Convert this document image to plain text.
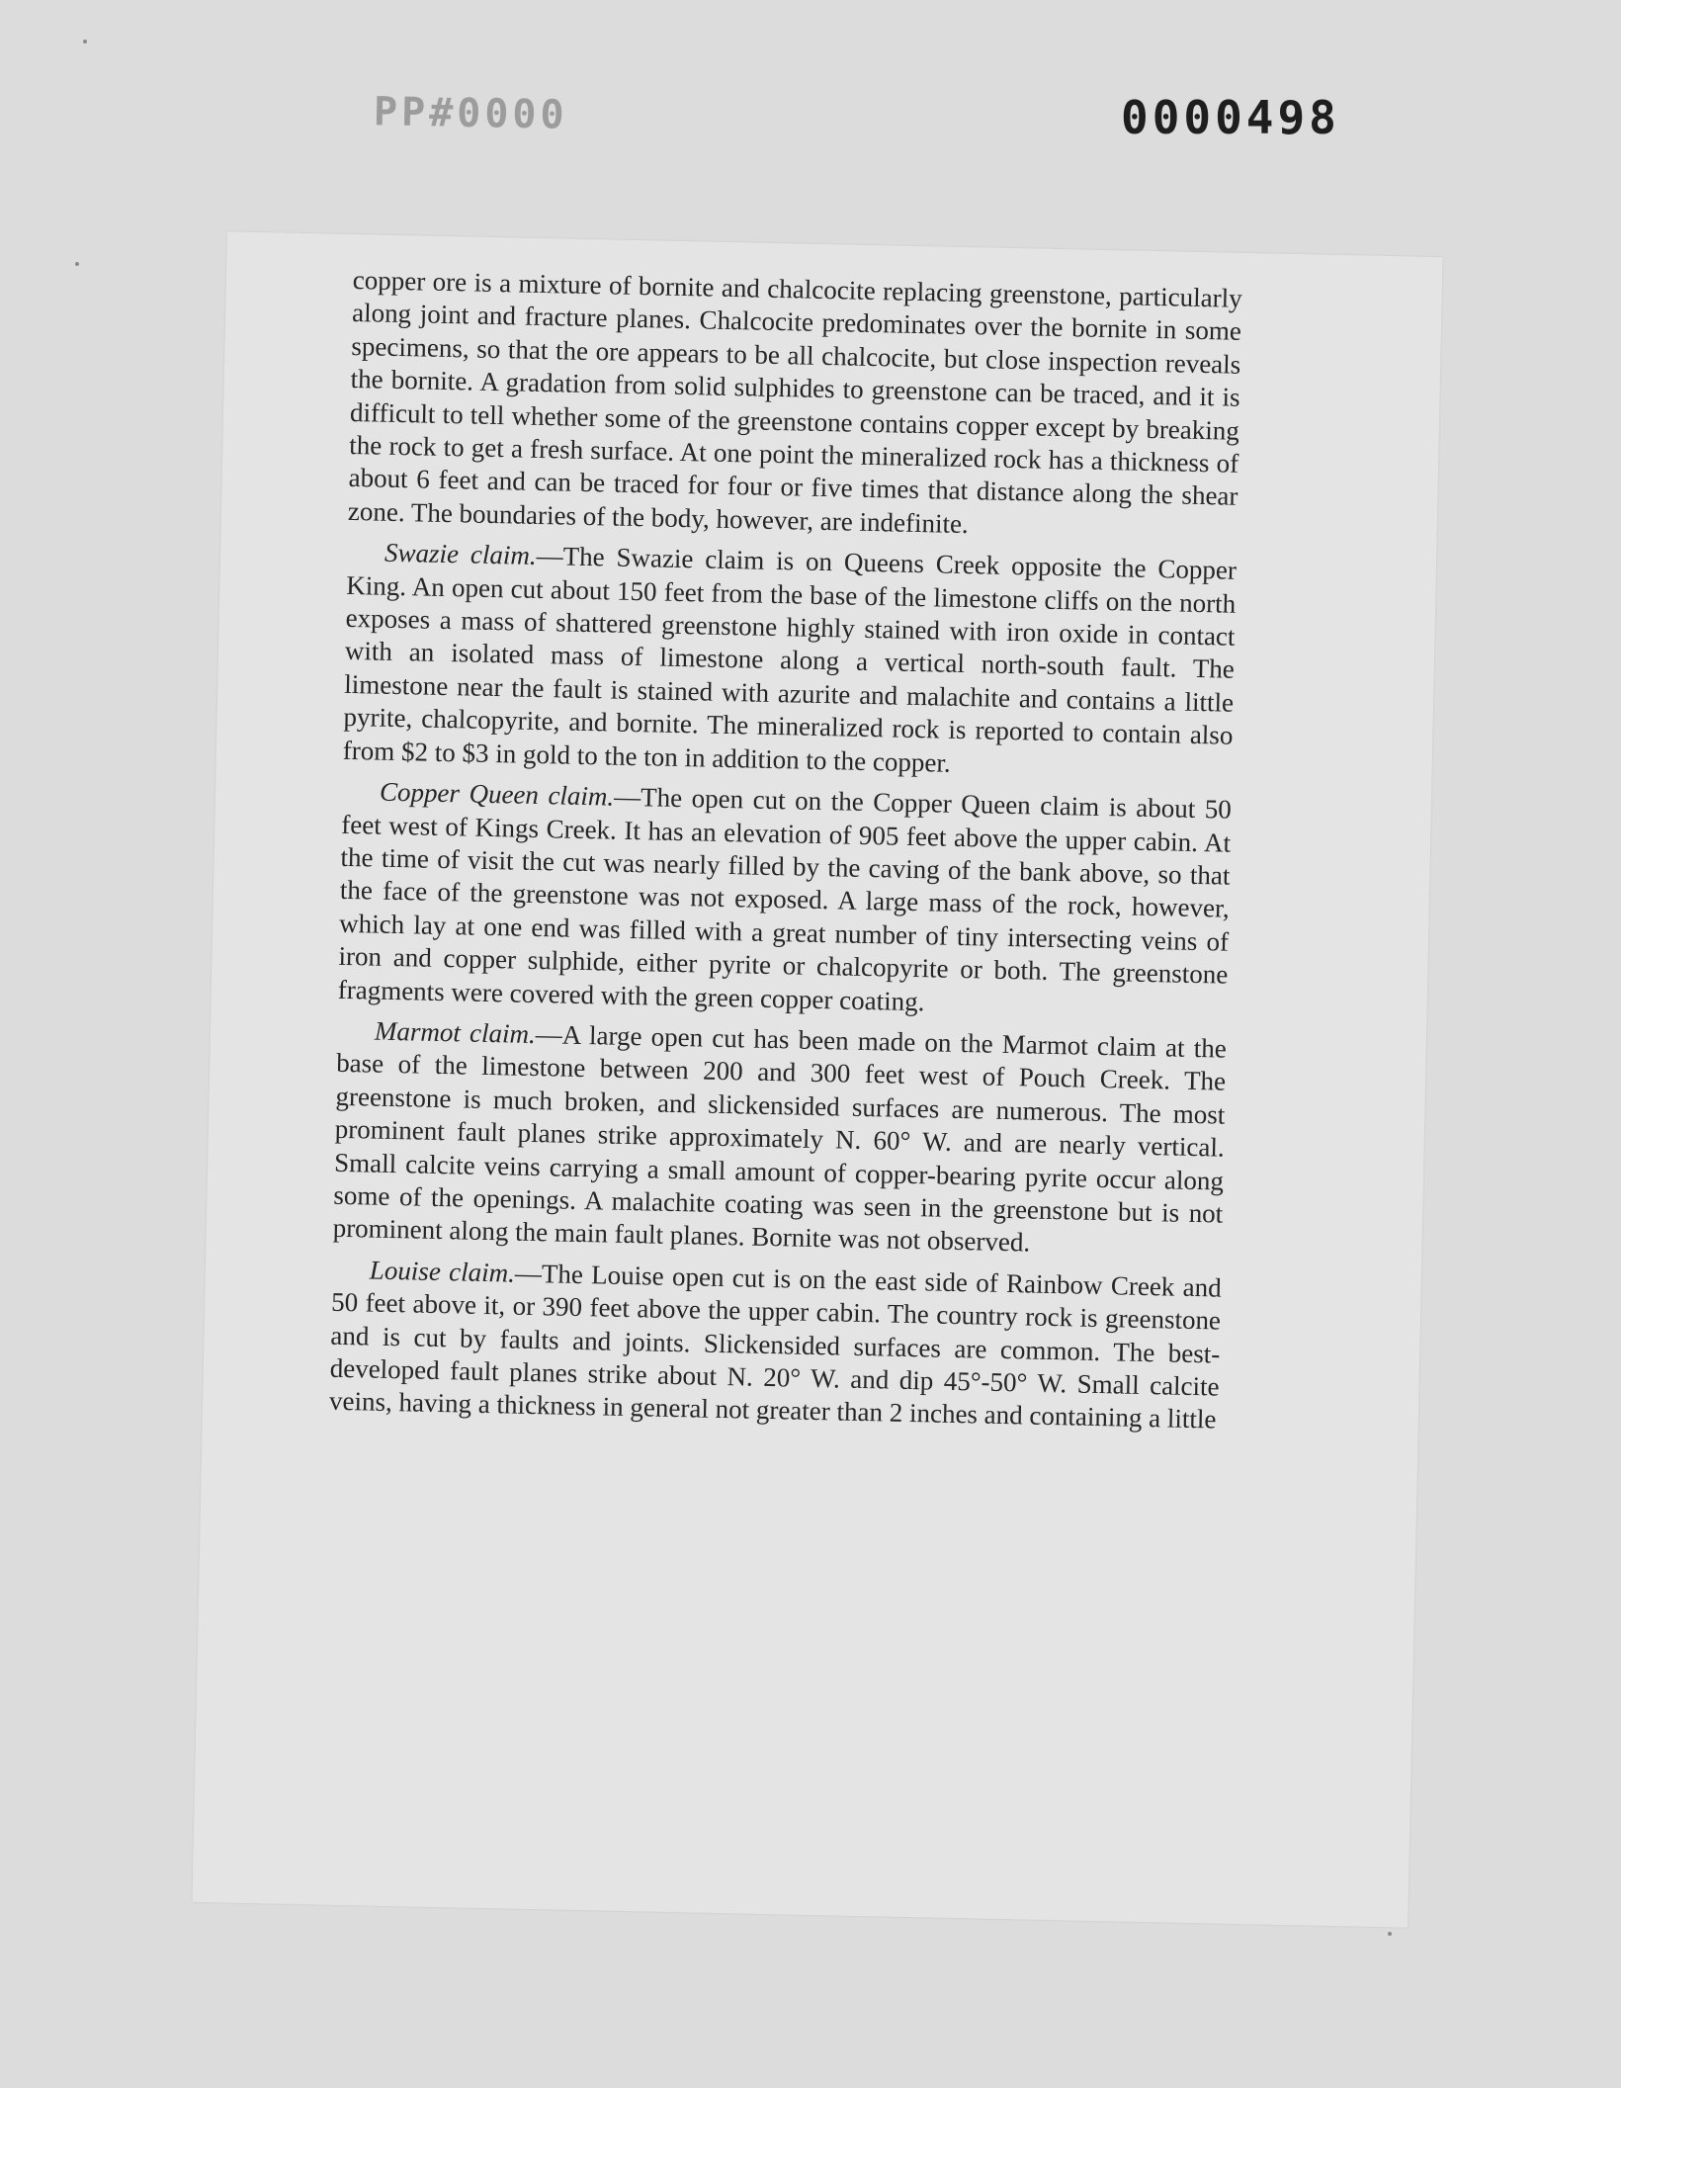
PP#0000	0000498

copper ore is a mixture of bornite and chalcocite replacing greenstone, particularly along joint and fracture planes. Chalcocite predominates over the bornite in some specimens, so that the ore appears to be all chalcocite, but close inspection reveals the bornite. A gradation from solid sulphides to greenstone can be traced, and it is difficult to tell whether some of the greenstone contains copper except by breaking the rock to get a fresh surface. At one point the mineralized rock has a thickness of about 6 feet and can be traced for four or five times that distance along the shear zone. The boundaries of the body, however, are indefinite.

Swazie claim.—The Swazie claim is on Queens Creek opposite the Copper King. An open cut about 150 feet from the base of the limestone cliffs on the north exposes a mass of shattered greenstone highly stained with iron oxide in contact with an isolated mass of limestone along a vertical north-south fault. The limestone near the fault is stained with azurite and malachite and contains a little pyrite, chalcopyrite, and bornite. The mineralized rock is reported to contain also from $2 to $3 in gold to the ton in addition to the copper.

Copper Queen claim.—The open cut on the Copper Queen claim is about 50 feet west of Kings Creek. It has an elevation of 905 feet above the upper cabin. At the time of visit the cut was nearly filled by the caving of the bank above, so that the face of the greenstone was not exposed. A large mass of the rock, however, which lay at one end was filled with a great number of tiny intersecting veins of iron and copper sulphide, either pyrite or chalcopyrite or both. The greenstone fragments were covered with the green copper coating.

Marmot claim.—A large open cut has been made on the Marmot claim at the base of the limestone between 200 and 300 feet west of Pouch Creek. The greenstone is much broken, and slickensided surfaces are numerous. The most prominent fault planes strike approximately N. 60° W. and are nearly vertical. Small calcite veins carrying a small amount of copper-bearing pyrite occur along some of the openings. A malachite coating was seen in the greenstone but is not prominent along the main fault planes. Bornite was not observed.

Louise claim.—The Louise open cut is on the east side of Rainbow Creek and 50 feet above it, or 390 feet above the upper cabin. The country rock is greenstone and is cut by faults and joints. Slickensided surfaces are common. The best-developed fault planes strike about N. 20° W. and dip 45°-50° W. Small calcite veins, having a thickness in general not greater than 2 inches and containing a little
